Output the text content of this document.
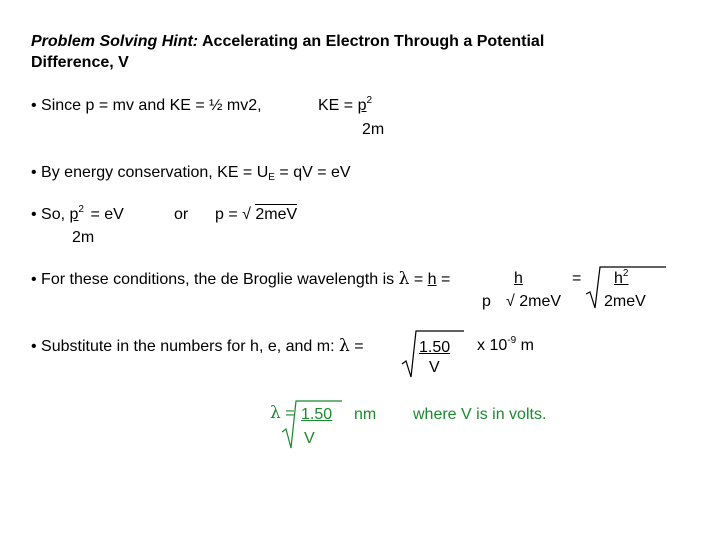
Problem Solving Hint: Accelerating an Electron Through a Potential
Difference, V
• Since p = mv and KE = ½ mv2,	KE = $p^2$
2m
• By energy conservation, KE = $U_E$ = qV = eV
• So, $p^2$ = eV
2m
or p = √ 2meV
• For these conditions, the de Broglie wavelength is λ = h =	h	=	$h^2$
p √ 2meV	2meV
• Substitute in the numbers for h, e, and m: λ =	1.50
V
x $10^{-9}$ m
λ = 1.50
V
nm where V is in volts.
